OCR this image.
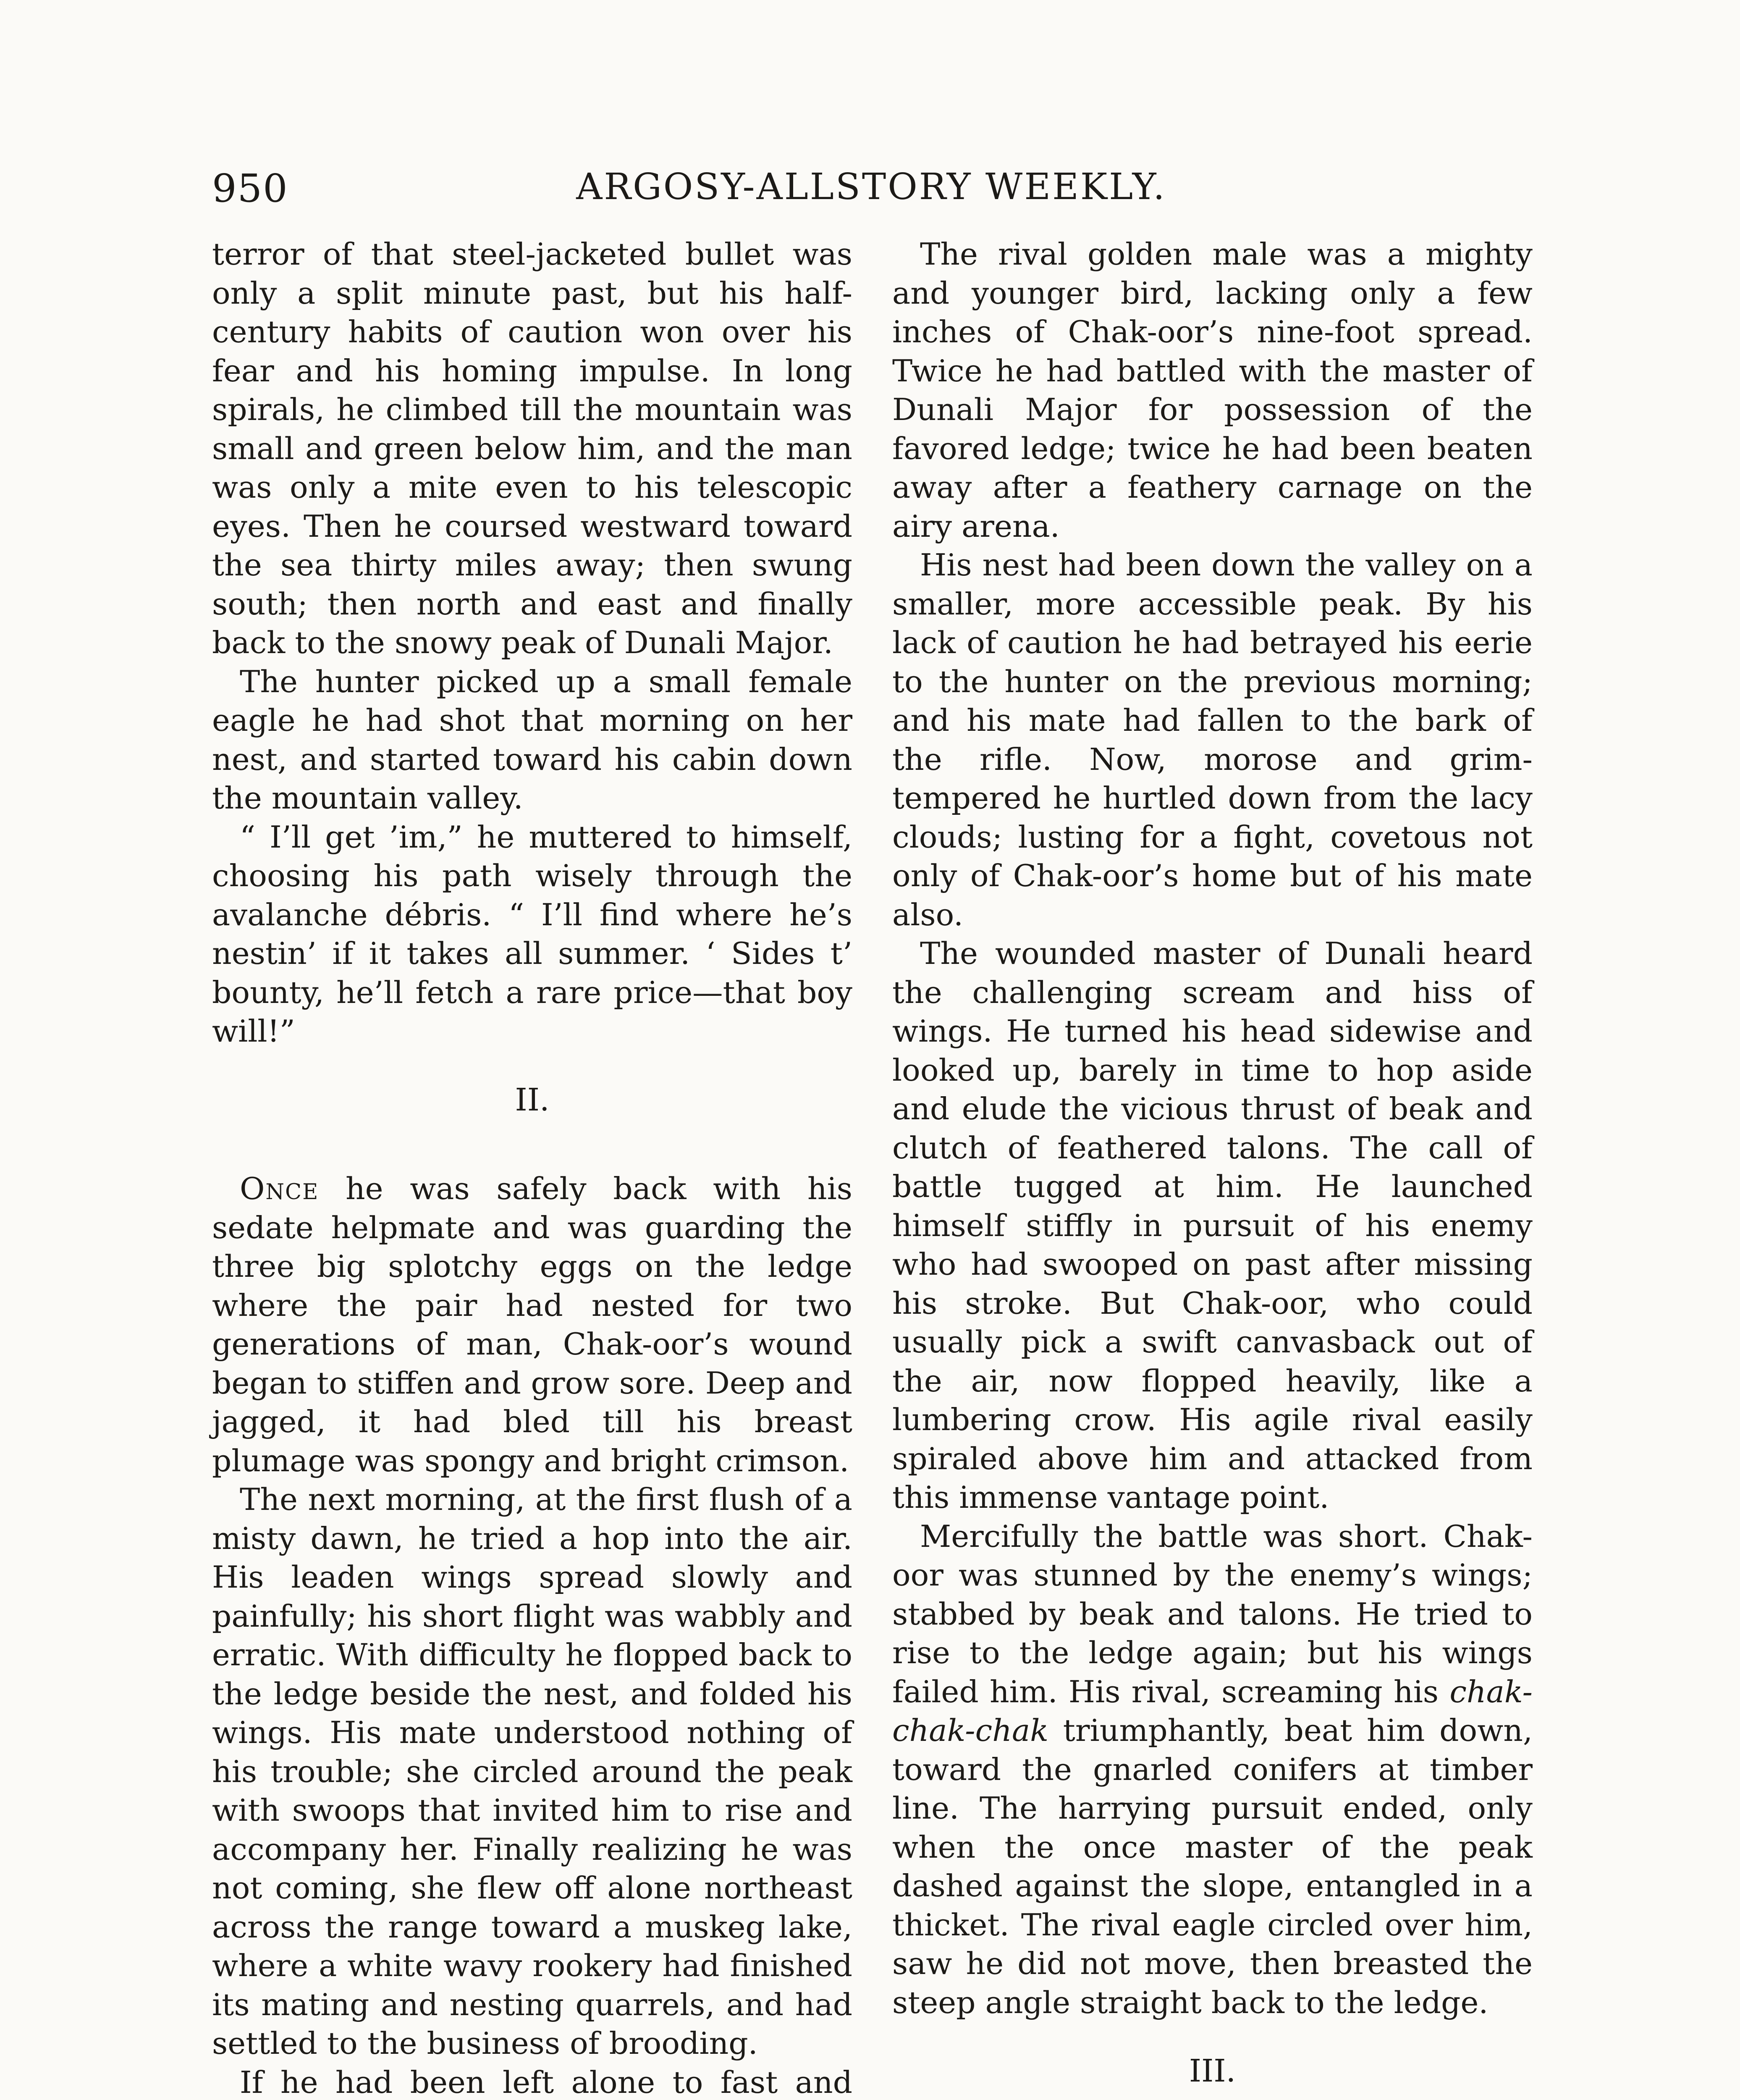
950	ARGOSY-ALLSTORY WEEKLY.

terror of that steel-jacketed bullet was only a split minute past, but his half-century habits of caution won over his fear and his homing impulse. In long spirals, he climbed till the mountain was small and green below him, and the man was only a mite even to his telescopic eyes. Then he coursed westward toward the sea thirty miles away; then swung south; then north and east and finally back to the snowy peak of Dunali Major.

The hunter picked up a small female eagle he had shot that morning on her nest, and started toward his cabin down the mountain valley.

“ I’ll get ’im,” he muttered to himself, choosing his path wisely through the avalanche débris. “ I’ll find where he’s nestin’ if it takes all summer. ‘ Sides t’ bounty, he’ll fetch a rare price—that boy will!”

II.

Once he was safely back with his sedate helpmate and was guarding the three big splotchy eggs on the ledge where the pair had nested for two generations of man, Chak-oor’s wound began to stiffen and grow sore. Deep and jagged, it had bled till his breast plumage was spongy and bright crimson.

The next morning, at the first flush of a misty dawn, he tried a hop into the air. His leaden wings spread slowly and painfully; his short flight was wabbly and erratic. With difficulty he flopped back to the ledge beside the nest, and folded his wings. His mate understood nothing of his trouble; she circled around the peak with swoops that invited him to rise and accompany her. Finally realizing he was not coming, she flew off alone northeast across the range toward a muskeg lake, where a white wavy rookery had finished its mating and nesting quarrels, and had settled to the business of brooding.

If he had been left alone to fast and

The rival golden male was a mighty and younger bird, lacking only a few inches of Chak-oor’s nine-foot spread. Twice he had battled with the master of Dunali Major for possession of the favored ledge; twice he had been beaten away after a feathery carnage on the airy arena.

His nest had been down the valley on a smaller, more accessible peak. By his lack of caution he had betrayed his eerie to the hunter on the previous morning; and his mate had fallen to the bark of the rifle. Now, morose and grim-tempered he hurtled down from the lacy clouds; lusting for a fight, covetous not only of Chak-oor’s home but of his mate also.

The wounded master of Dunali heard the challenging scream and hiss of wings. He turned his head sidewise and looked up, barely in time to hop aside and elude the vicious thrust of beak and clutch of feathered talons. The call of battle tugged at him. He launched himself stiffly in pursuit of his enemy who had swooped on past after missing his stroke. But Chak-oor, who could usually pick a swift canvasback out of the air, now flopped heavily, like a lumbering crow. His agile rival easily spiraled above him and attacked from this immense vantage point.

Mercifully the battle was short. Chak-oor was stunned by the enemy’s wings; stabbed by beak and talons. He tried to rise to the ledge again; but his wings failed him. His rival, screaming his chak-chak-chak triumphantly, beat him down, toward the gnarled conifers at timber line. The harrying pursuit ended, only when the once master of the peak dashed against the slope, entangled in a thicket. The rival eagle circled over him, saw he did not move, then breasted the steep angle straight back to the ledge.

III.
